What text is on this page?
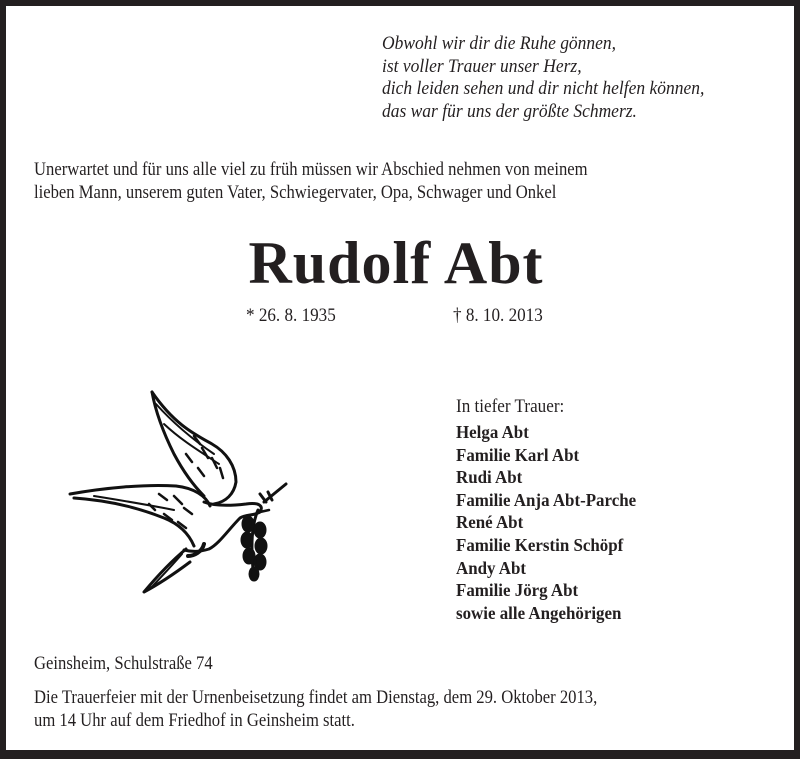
Obwohl wir dir die Ruhe gönnen,
ist voller Trauer unser Herz,
dich leiden sehen und dir nicht helfen können,
das war für uns der größte Schmerz.
Unerwartet und für uns alle viel zu früh müssen wir Abschied nehmen von meinem
lieben Mann, unserem guten Vater, Schwiegervater, Opa, Schwager und Onkel
Rudolf Abt
* 26. 8. 1935	† 8. 10. 2013
In tiefer Trauer:
Helga Abt
Familie Karl Abt
Rudi Abt
Familie Anja Abt-Parche
René Abt
Familie Kerstin Schöpf
Andy Abt
Familie Jörg Abt
sowie alle Angehörigen
Geinsheim, Schulstraße 74
Die Trauerfeier mit der Urnenbeisetzung findet am Dienstag, dem 29. Oktober 2013,
um 14 Uhr auf dem Friedhof in Geinsheim statt.
